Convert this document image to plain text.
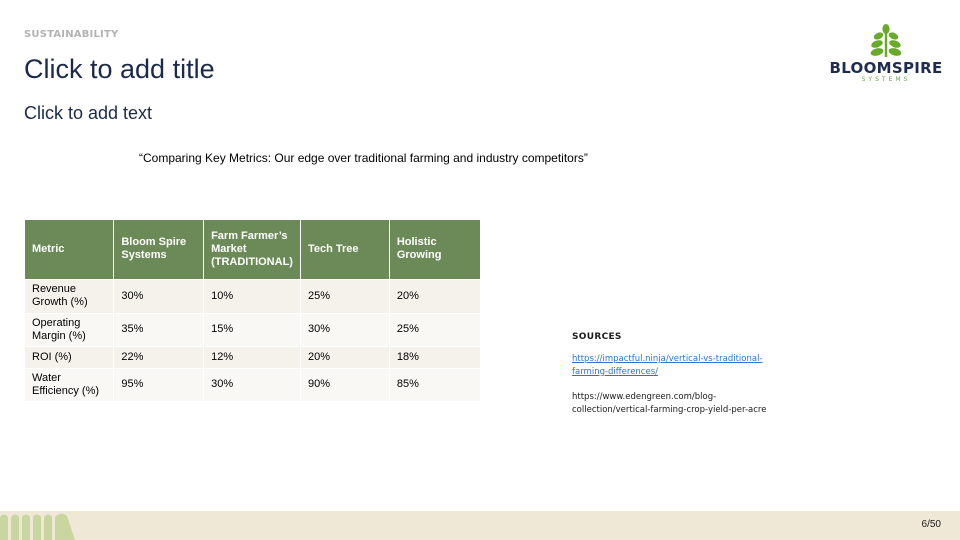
SUSTAINABILITY
Click to add title
Click to add text
BLOOMSPIRE
SYSTEMS
“Comparing Key Metrics: Our edge over traditional farming and industry competitors”
Metric	Bloom Spire Systems	Farm Farmer’s Market (TRADITIONAL)	Tech Tree	Holistic Growing
Revenue Growth (%)	30%	10%	25%	20%
Operating Margin (%)	35%	15%	30%	25%
ROI (%)	22%	12%	20%	18%
Water Efficiency (%)	95%	30%	90%	85%
SOURCES
https://impactful.ninja/vertical-vs-traditional-farming-differences/
https://www.edengreen.com/blog-collection/vertical-farming-crop-yield-per-acre
6/50
